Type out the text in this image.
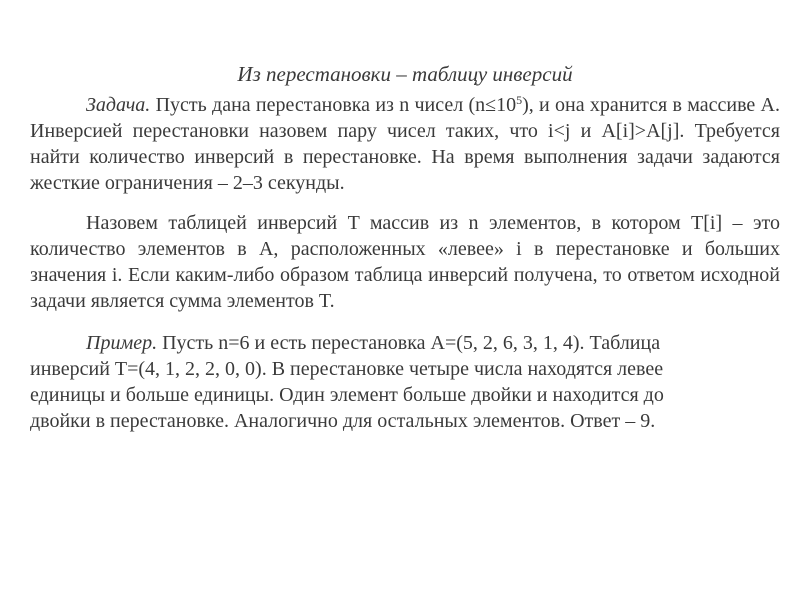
Из перестановки – таблицу инверсий

Задача. Пусть дана перестановка из n чисел $(n\le 10^5)$, и она хранится в массиве A. Инверсией перестановки назовем пару чисел таких, что i<j и A[i]>A[j]. Требуется найти количество инверсий в перестановке. На время выполнения задачи задаются жесткие ограничения – 2–3 секунды.

Назовем таблицей инверсий T массив из n элементов, в котором T[i] – это количество элементов в A, расположенных «левее» i в перестановке и больших значения i. Если каким-либо образом таблица инверсий получена, то ответом исходной задачи является сумма элементов T.

Пример. Пусть n=6 и есть перестановка A=(5, 2, 6, 3, 1, 4). Таблица инверсий T=(4, 1, 2, 2, 0, 0). В перестановке четыре числа находятся левее единицы и больше единицы. Один элемент больше двойки и находится до двойки в перестановке. Аналогично для остальных элементов. Ответ – 9.
